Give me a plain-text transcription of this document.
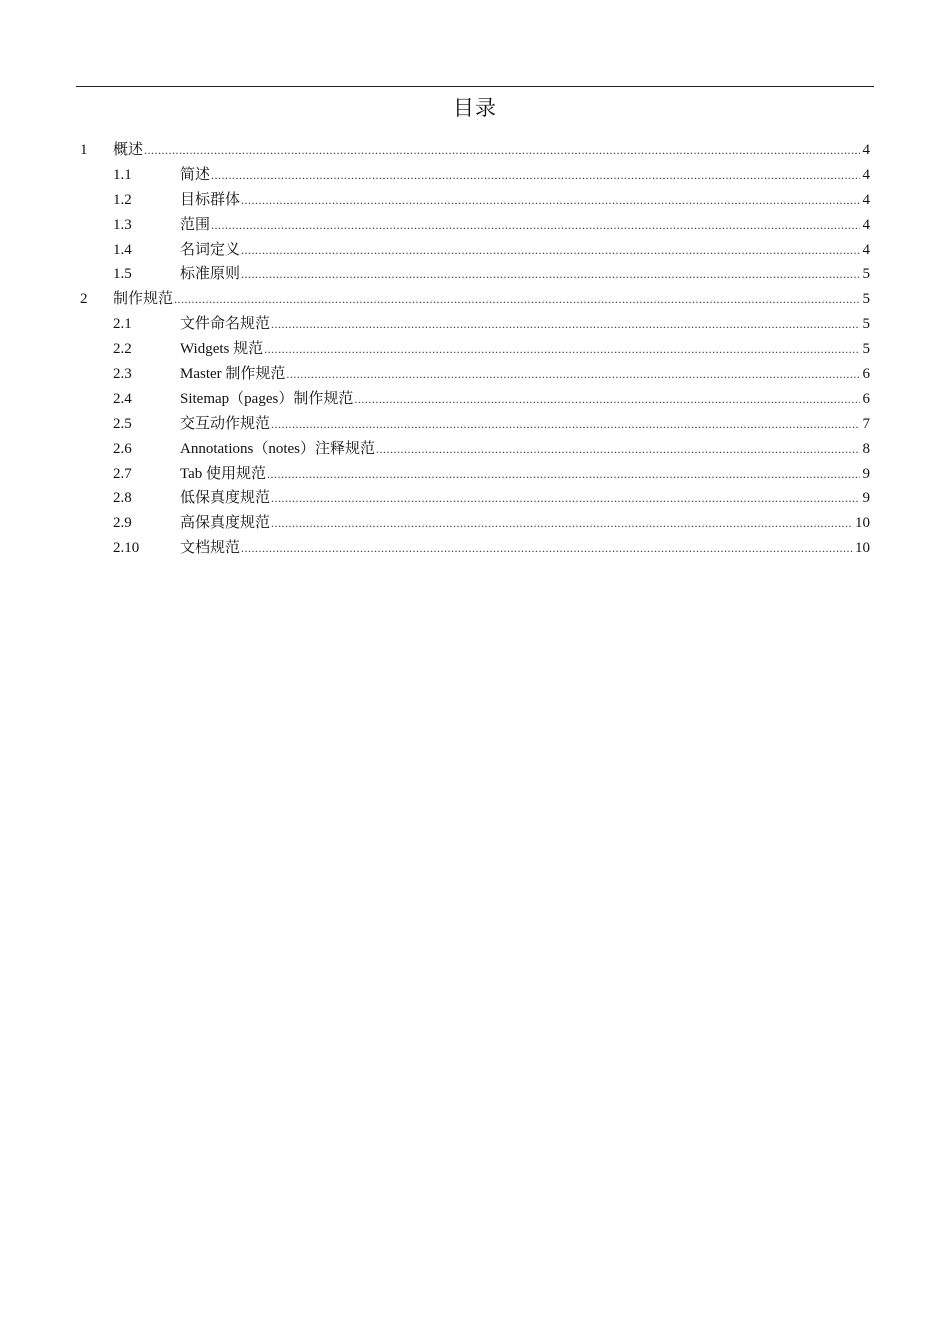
目录
1 概述 .....	4
1.1	简述 .....	4
1.2	目标群体 .....	4
1.3	范围 .....	4
1.4	名词定义 .....	4
1.5	标准原则 .....	5
2 制作规范 .....	5
2.1	文件命名规范 .....	5
2.2	Widgets 规范 .....	5
2.3	Master 制作规范 .....	6
2.4	Sitemap（pages）制作规范 .....	6
2.5	交互动作规范 .....	7
2.6	Annotations（notes）注释规范 .....	8
2.7	Tab 使用规范 .....	9
2.8	低保真度规范 .....	9
2.9	高保真度规范 .....	10
2.10	文档规范 .....	10
